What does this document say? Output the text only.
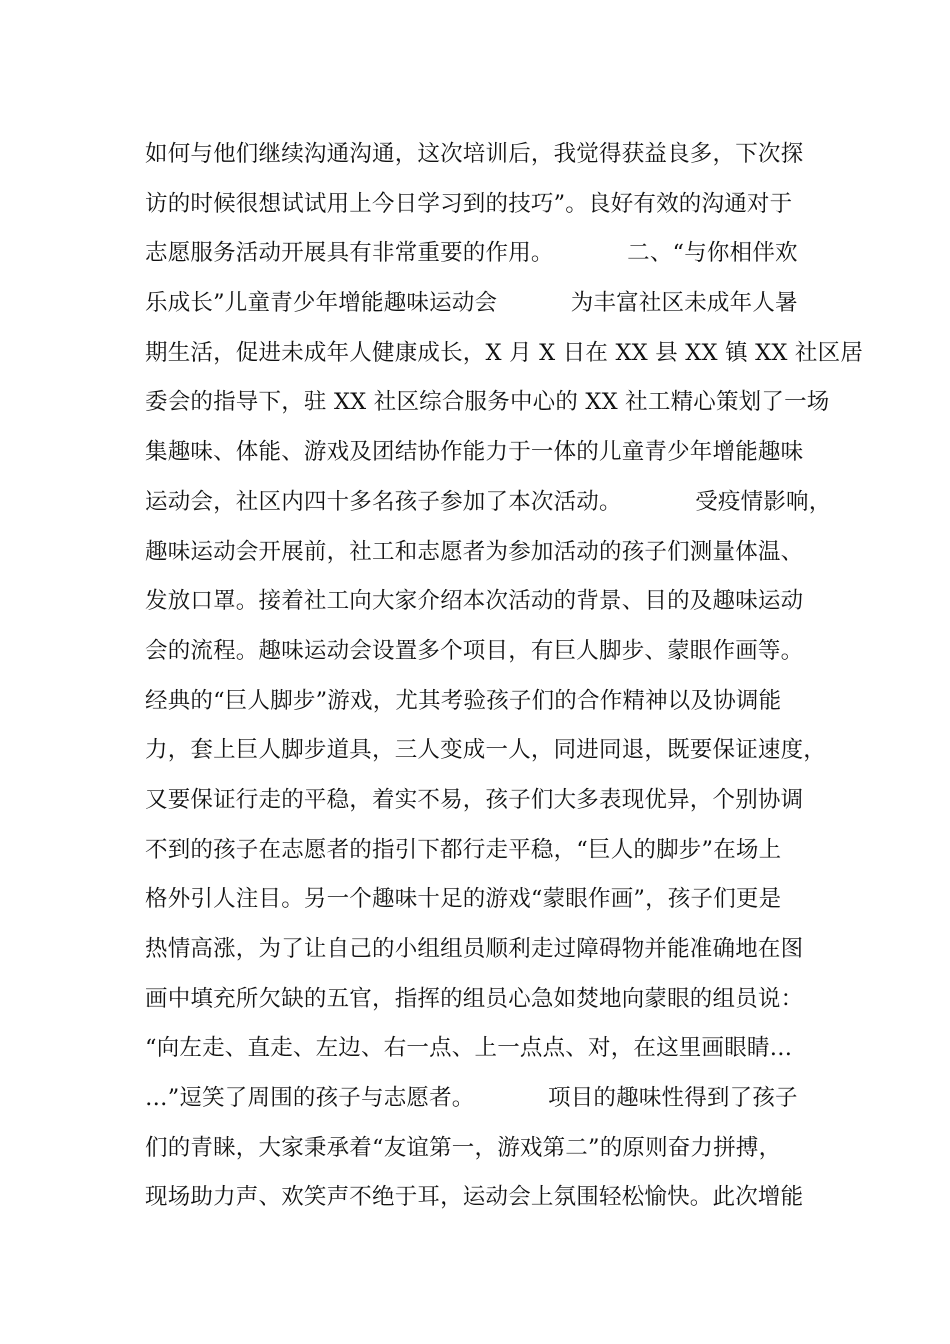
如何与他们继续沟通沟通，这次培训后，我觉得获益良多，下次探
访的时候很想试试用上今日学习到的技巧”。良好有效的沟通对于
志愿服务活动开展具有非常重要的作用。          二、“与你相伴欢
乐成长”儿童青少年增能趣味运动会          为丰富社区未成年人暑
期生活，促进未成年人健康成长，X 月 X 日在 XX 县 XX 镇 XX 社区居
委会的指导下，驻 XX 社区综合服务中心的 XX 社工精心策划了一场
集趣味、体能、游戏及团结协作能力于一体的儿童青少年增能趣味
运动会，社区内四十多名孩子参加了本次活动。          受疫情影响，
趣味运动会开展前，社工和志愿者为参加活动的孩子们测量体温、
发放口罩。接着社工向大家介绍本次活动的背景、目的及趣味运动
会的流程。趣味运动会设置多个项目，有巨人脚步、蒙眼作画等。
经典的“巨人脚步”游戏，尤其考验孩子们的合作精神以及协调能
力，套上巨人脚步道具，三人变成一人，同进同退，既要保证速度，
又要保证行走的平稳，着实不易，孩子们大多表现优异，个别协调
不到的孩子在志愿者的指引下都行走平稳，“巨人的脚步”在场上
格外引人注目。另一个趣味十足的游戏“蒙眼作画”，孩子们更是
热情高涨，为了让自己的小组组员顺利走过障碍物并能准确地在图
画中填充所欠缺的五官，指挥的组员心急如焚地向蒙眼的组员说：
“向左走、直走、左边、右一点、上一点点、对，在这里画眼睛…
…”逗笑了周围的孩子与志愿者。          项目的趣味性得到了孩子
们的青睐，大家秉承着“友谊第一，游戏第二”的原则奋力拼搏，
现场助力声、欢笑声不绝于耳，运动会上氛围轻松愉快。此次增能
